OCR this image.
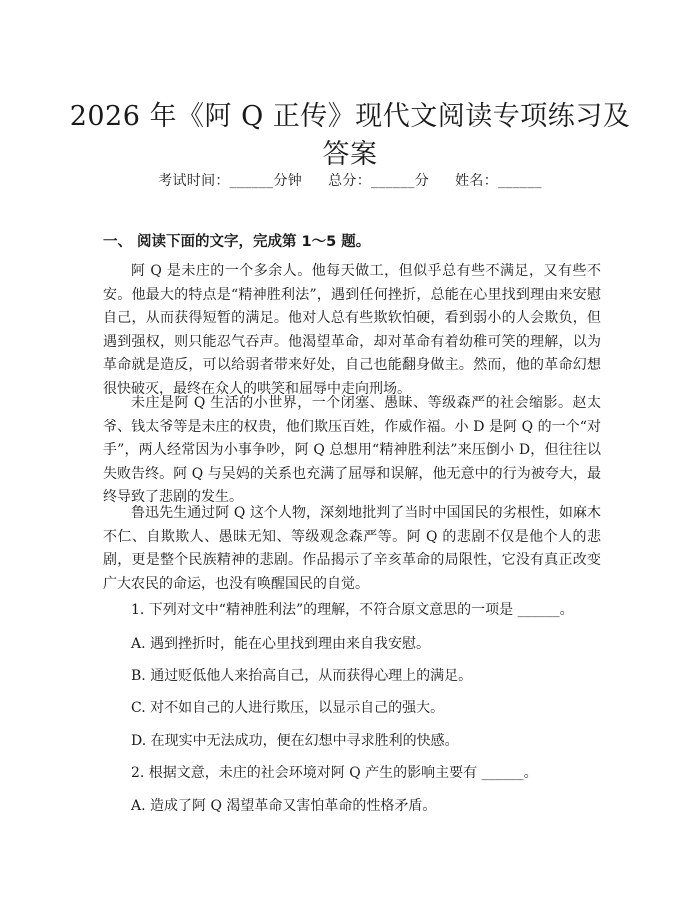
2026 年《阿 Q 正传》现代文阅读专项练习及答案
考试时间：______分钟 总分：______分 姓名：______
一、 阅读下面的文字，完成第 1～5 题。

阿 Q 是未庄的一个多余人。他每天做工，但似乎总有些不满足，又有些不安。他最大的特点是“精神胜利法”，遇到任何挫折，总能在心里找到理由来安慰自己，从而获得短暂的满足。他对人总有些欺软怕硬，看到弱小的人会欺负，但遇到强权，则只能忍气吞声。他渴望革命，却对革命有着幼稚可笑的理解，以为革命就是造反，可以给弱者带来好处，自己也能翻身做主。然而，他的革命幻想很快破灭，最终在众人的哄笑和屈辱中走向刑场。

未庄是阿 Q 生活的小世界，一个闭塞、愚昧、等级森严的社会缩影。赵太爷、钱太爷等是未庄的权贵，他们欺压百姓，作威作福。小 D 是阿 Q 的一个“对手”，两人经常因为小事争吵，阿 Q 总想用“精神胜利法”来压倒小 D，但往往以失败告终。阿 Q 与吴妈的关系也充满了屈辱和误解，他无意中的行为被夸大，最终导致了悲剧的发生。

鲁迅先生通过阿 Q 这个人物，深刻地批判了当时中国国民的劣根性，如麻木不仁、自欺欺人、愚昧无知、等级观念森严等。阿 Q 的悲剧不仅是他个人的悲剧，更是整个民族精神的悲剧。作品揭示了辛亥革命的局限性，它没有真正改变广大农民的命运，也没有唤醒国民的自觉。

1. 下列对文中“精神胜利法”的理解，不符合原文意思的一项是 ______。
A. 遇到挫折时，能在心里找到理由来自我安慰。
B. 通过贬低他人来抬高自己，从而获得心理上的满足。
C. 对不如自己的人进行欺压，以显示自己的强大。
D. 在现实中无法成功，便在幻想中寻求胜利的快感。
2. 根据文意，未庄的社会环境对阿 Q 产生的影响主要有 ______。
A. 造成了阿 Q 渴望革命又害怕革命的性格矛盾。
